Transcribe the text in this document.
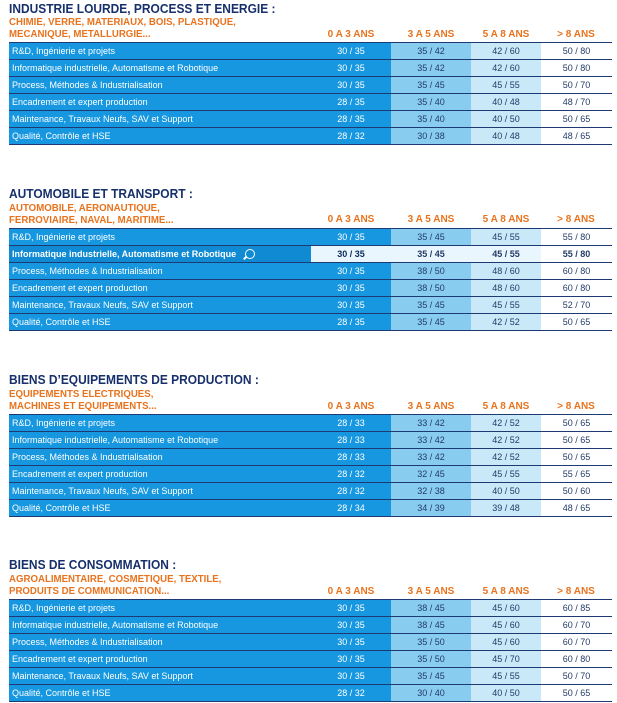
INDUSTRIE LOURDE, PROCESS ET ENERGIE :
CHIMIE, VERRE, MATERIAUX, BOIS, PLASTIQUE,
MECANIQUE, METALLURGIE...	0 A 3 ANS	3 A 5 ANS	5 A 8 ANS	> 8 ANS
R&D, Ingénierie et projets	30 / 35	35 / 42	42 / 60	50 / 80
Informatique industrielle, Automatisme et Robotique	30 / 35	35 / 42	42 / 60	50 / 80
Process, Méthodes & Industrialisation	30 / 35	35 / 45	45 / 55	50 / 70
Encadrement et expert production	28 / 35	35 / 40	40 / 48	48 / 70
Maintenance, Travaux Neufs, SAV et Support	28 / 35	35 / 40	40 / 50	50 / 65
Qualité, Contrôle et HSE	28 / 32	30 / 38	40 / 48	48 / 65
AUTOMOBILE ET TRANSPORT :
AUTOMOBILE, AERONAUTIQUE,
FERROVIAIRE, NAVAL, MARITIME...	0 A 3 ANS	3 A 5 ANS	5 A 8 ANS	> 8 ANS
R&D, Ingénierie et projets	30 / 35	35 / 45	45 / 55	55 / 80
Informatique industrielle, Automatisme et Robotique	30 / 35	35 / 45	45 / 55	55 / 80
Process, Méthodes & Industrialisation	30 / 35	38 / 50	48 / 60	60 / 80
Encadrement et expert production	30 / 35	38 / 50	48 / 60	60 / 80
Maintenance, Travaux Neufs, SAV et Support	30 / 35	35 / 45	45 / 55	52 / 70
Qualité, Contrôle et HSE	28 / 35	35 / 45	42 / 52	50 / 65
BIENS D’EQUIPEMENTS DE PRODUCTION :
EQUIPEMENTS ELECTRIQUES,
MACHINES ET EQUIPEMENTS...	0 A 3 ANS	3 A 5 ANS	5 A 8 ANS	> 8 ANS
R&D, Ingénierie et projets	28 / 33	33 / 42	42 / 52	50 / 65
Informatique industrielle, Automatisme et Robotique	28 / 33	33 / 42	42 / 52	50 / 65
Process, Méthodes & Industrialisation	28 / 33	33 / 42	42 / 52	50 / 65
Encadrement et expert production	28 / 32	32 / 45	45 / 55	55 / 65
Maintenance, Travaux Neufs, SAV et Support	28 / 32	32 / 38	40 / 50	50 / 60
Qualité, Contrôle et HSE	28 / 34	34 / 39	39 / 48	48 / 65
BIENS DE CONSOMMATION :
AGROALIMENTAIRE, COSMETIQUE, TEXTILE,
PRODUITS DE COMMUNICATION...	0 A 3 ANS	3 A 5 ANS	5 A 8 ANS	> 8 ANS
R&D, Ingénierie et projets	30 / 35	38 / 45	45 / 60	60 / 85
Informatique industrielle, Automatisme et Robotique	30 / 35	38 / 45	45 / 60	60 / 70
Process, Méthodes & Industrialisation	30 / 35	35 / 50	45 / 60	60 / 70
Encadrement et expert production	30 / 35	35 / 50	45 / 70	60 / 80
Maintenance, Travaux Neufs, SAV et Support	30 / 35	35 / 45	45 / 55	50 / 70
Qualité, Contrôle et HSE	28 / 32	30 / 40	40 / 50	50 / 65
